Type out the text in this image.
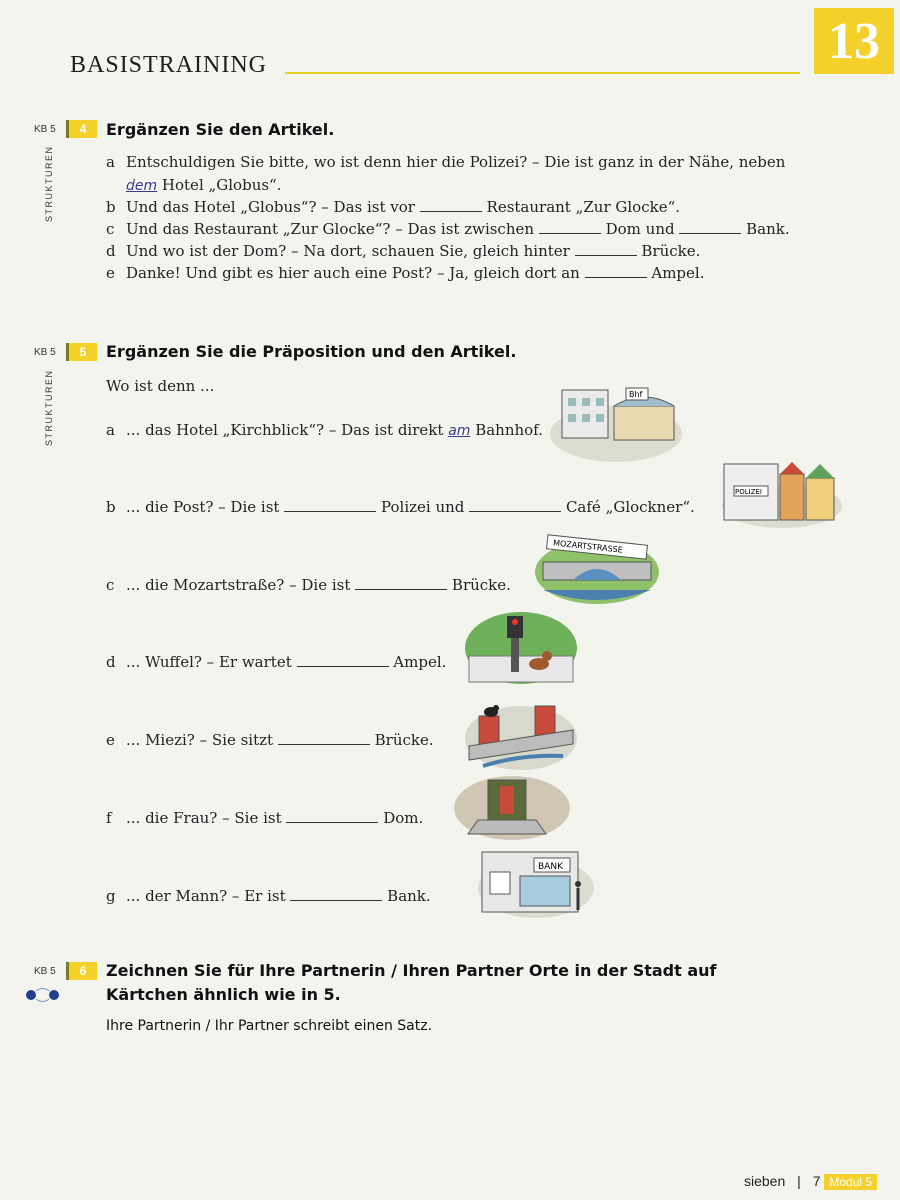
BASISTRAINING	13
KB 5	4	Ergänzen Sie den Artikel.
STRUKTUREN	a Entschuldigen Sie bitte, wo ist denn hier die Polizei? – Die ist ganz in der Nähe, neben
dem Hotel „Globus“.
b Und das Hotel „Globus“? – Das ist vor	Restaurant „Zur Glocke“.
c Und das Restaurant „Zur Glocke“? – Das ist zwischen	Dom und	Bank.
d Und wo ist der Dom? – Na dort, schauen Sie, gleich hinter	Brücke.
e Danke! Und gibt es hier auch eine Post? – Ja, gleich dort an	Ampel.
KB 5	5	Ergänzen Sie die Präposition und den Artikel.
STRUKTUREN	Wo ist denn ...
a ... das Hotel „Kirchblick“? – Das ist direkt am Bahnhof.
b ... die Post? – Die ist	Polizei und	Café „Glockner“.
c ... die Mozartstraße? – Die ist	Brücke.
d ... Wuffel? – Er wartet	Ampel.
e ... Miezi? – Sie sitzt	Brücke.
f ... die Frau? – Sie ist	Dom.
g ... der Mann? – Er ist	Bank.
Bhf
POLIZEI
MOZARTSTRASSE
BANK
KB 5	6	Zeichnen Sie für Ihre Partnerin / Ihren Partner Orte in der Stadt auf
Kärtchen ähnlich wie in 5.
Ihre Partnerin / Ihr Partner schreibt einen Satz.
sieben | 7 Modul 5
